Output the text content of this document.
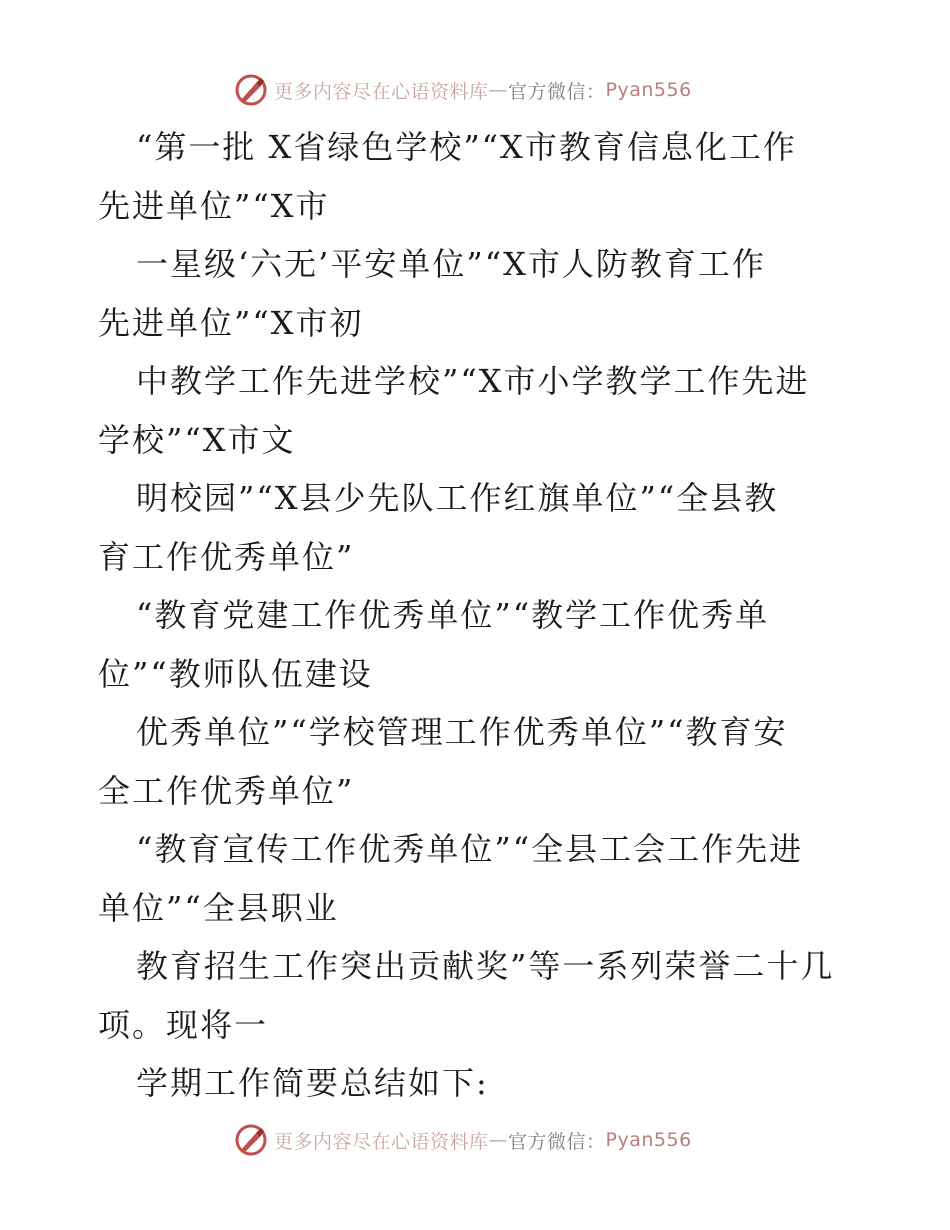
更多内容尽在心语资料库 — 官方微信： Pyan556
“第一批 X省绿色学校”“X市教育信息化工作
先进单位”“X市
一星级‘六无’平安单位”“X市人防教育工作
先进单位”“X市初
中教学工作先进学校”“X市小学教学工作先进
学校”“X市文
明校园”“X县少先队工作红旗单位”“全县教
育工作优秀单位”
“教育党建工作优秀单位”“教学工作优秀单
位”“教师队伍建设
优秀单位”“学校管理工作优秀单位”“教育安
全工作优秀单位”
“教育宣传工作优秀单位”“全县工会工作先进
单位”“全县职业
教育招生工作突出贡献奖”等一系列荣誉二十几
项。现将一
学期工作简要总结如下:
更多内容尽在心语资料库 — 官方微信： Pyan556
